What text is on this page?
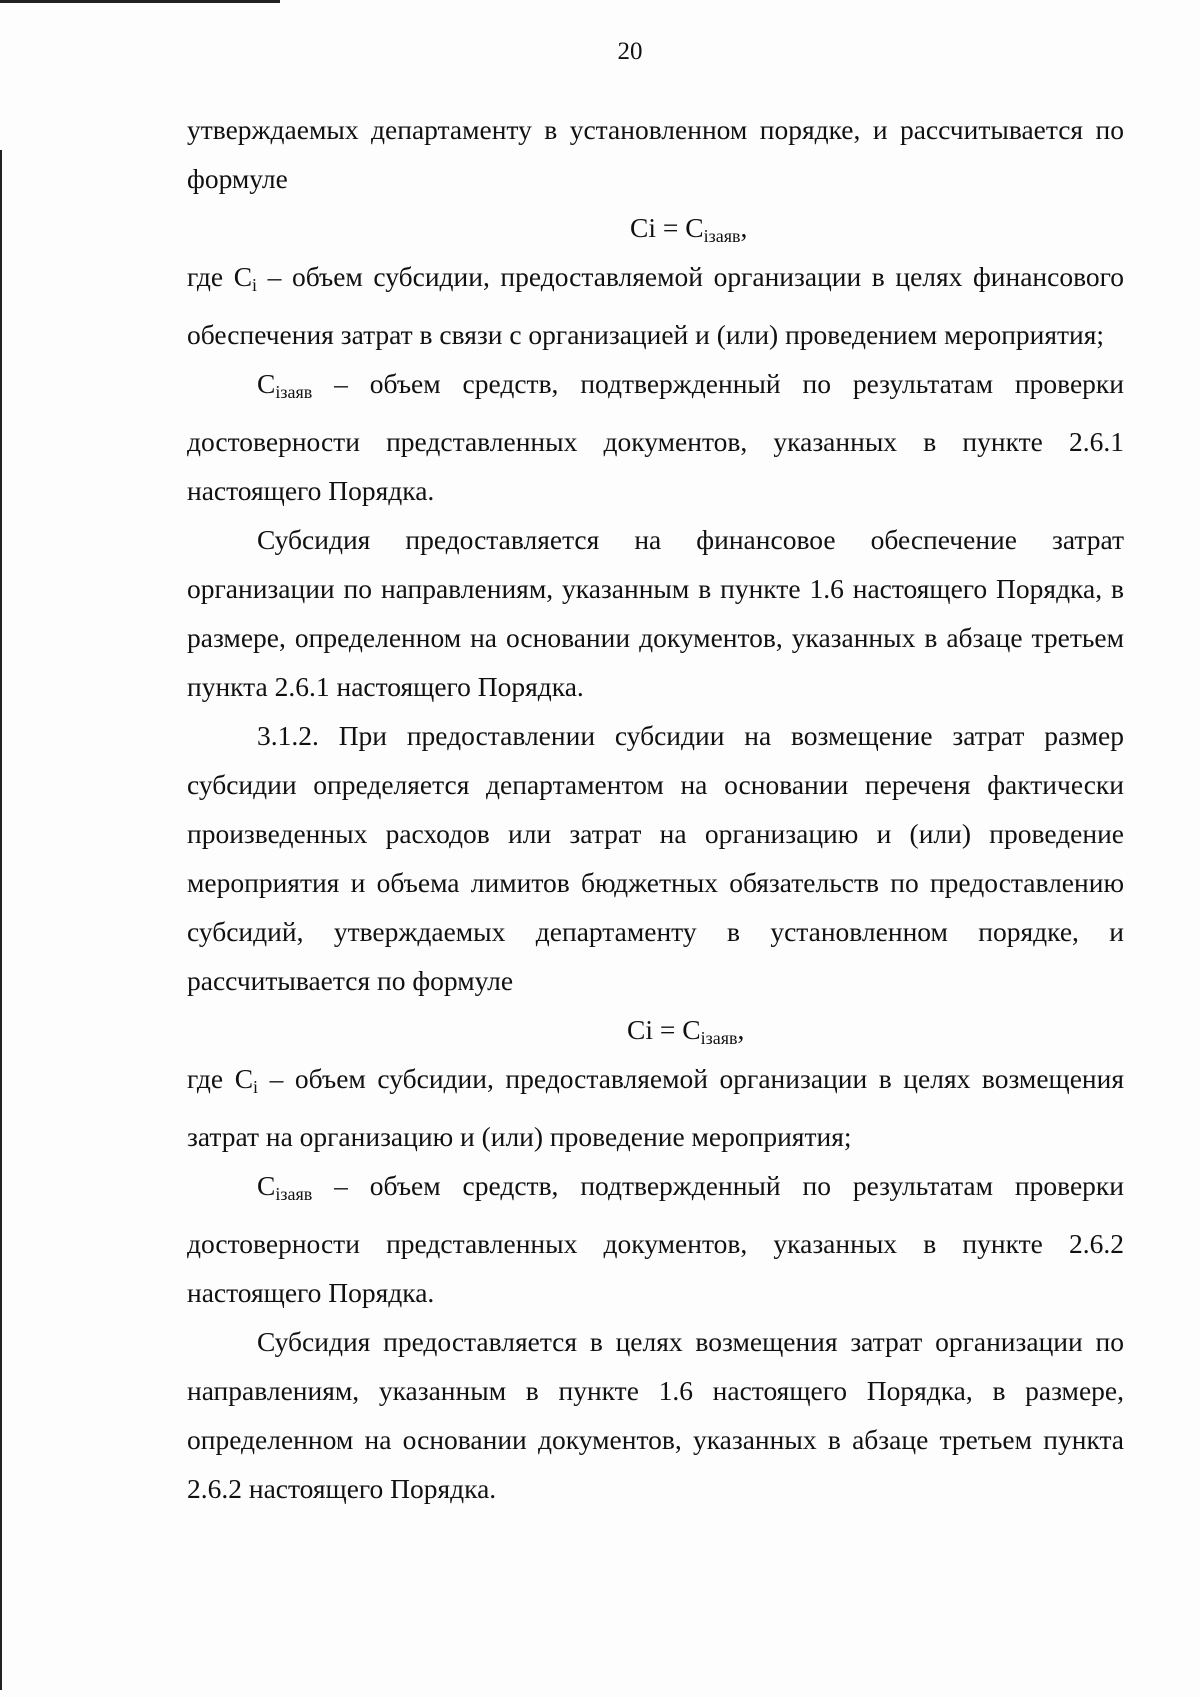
20

утверждаемых департаменту в установленном порядке, и рассчитывается по формуле

$Ci = C_{iзаяв}$,

где $C_i$ – объем субсидии, предоставляемой организации в целях финансового обеспечения затрат в связи с организацией и (или) проведением мероприятия;

$C_{iзаяв}$ – объем средств, подтвержденный по результатам проверки достоверности представленных документов, указанных в пункте 2.6.1 настоящего Порядка.

Субсидия предоставляется на финансовое обеспечение затрат организации по направлениям, указанным в пункте 1.6 настоящего Порядка, в размере, определенном на основании документов, указанных в абзаце третьем пункта 2.6.1 настоящего Порядка.

3.1.2. При предоставлении субсидии на возмещение затрат размер субсидии определяется департаментом на основании переченя фактически произведенных расходов или затрат на организацию и (или) проведение мероприятия и объема лимитов бюджетных обязательств по предоставлению субсидий, утверждаемых департаменту в установленном порядке, и рассчитывается по формуле

$Ci = C_{iзаяв}$,

где $C_i$ – объем субсидии, предоставляемой организации в целях возмещения затрат на организацию и (или) проведение мероприятия;

$C_{iзаяв}$ – объем средств, подтвержденный по результатам проверки достоверности представленных документов, указанных в пункте 2.6.2 настоящего Порядка.

Субсидия предоставляется в целях возмещения затрат организации по направлениям, указанным в пункте 1.6 настоящего Порядка, в размере, определенном на основании документов, указанных в абзаце третьем пункта 2.6.2 настоящего Порядка.
